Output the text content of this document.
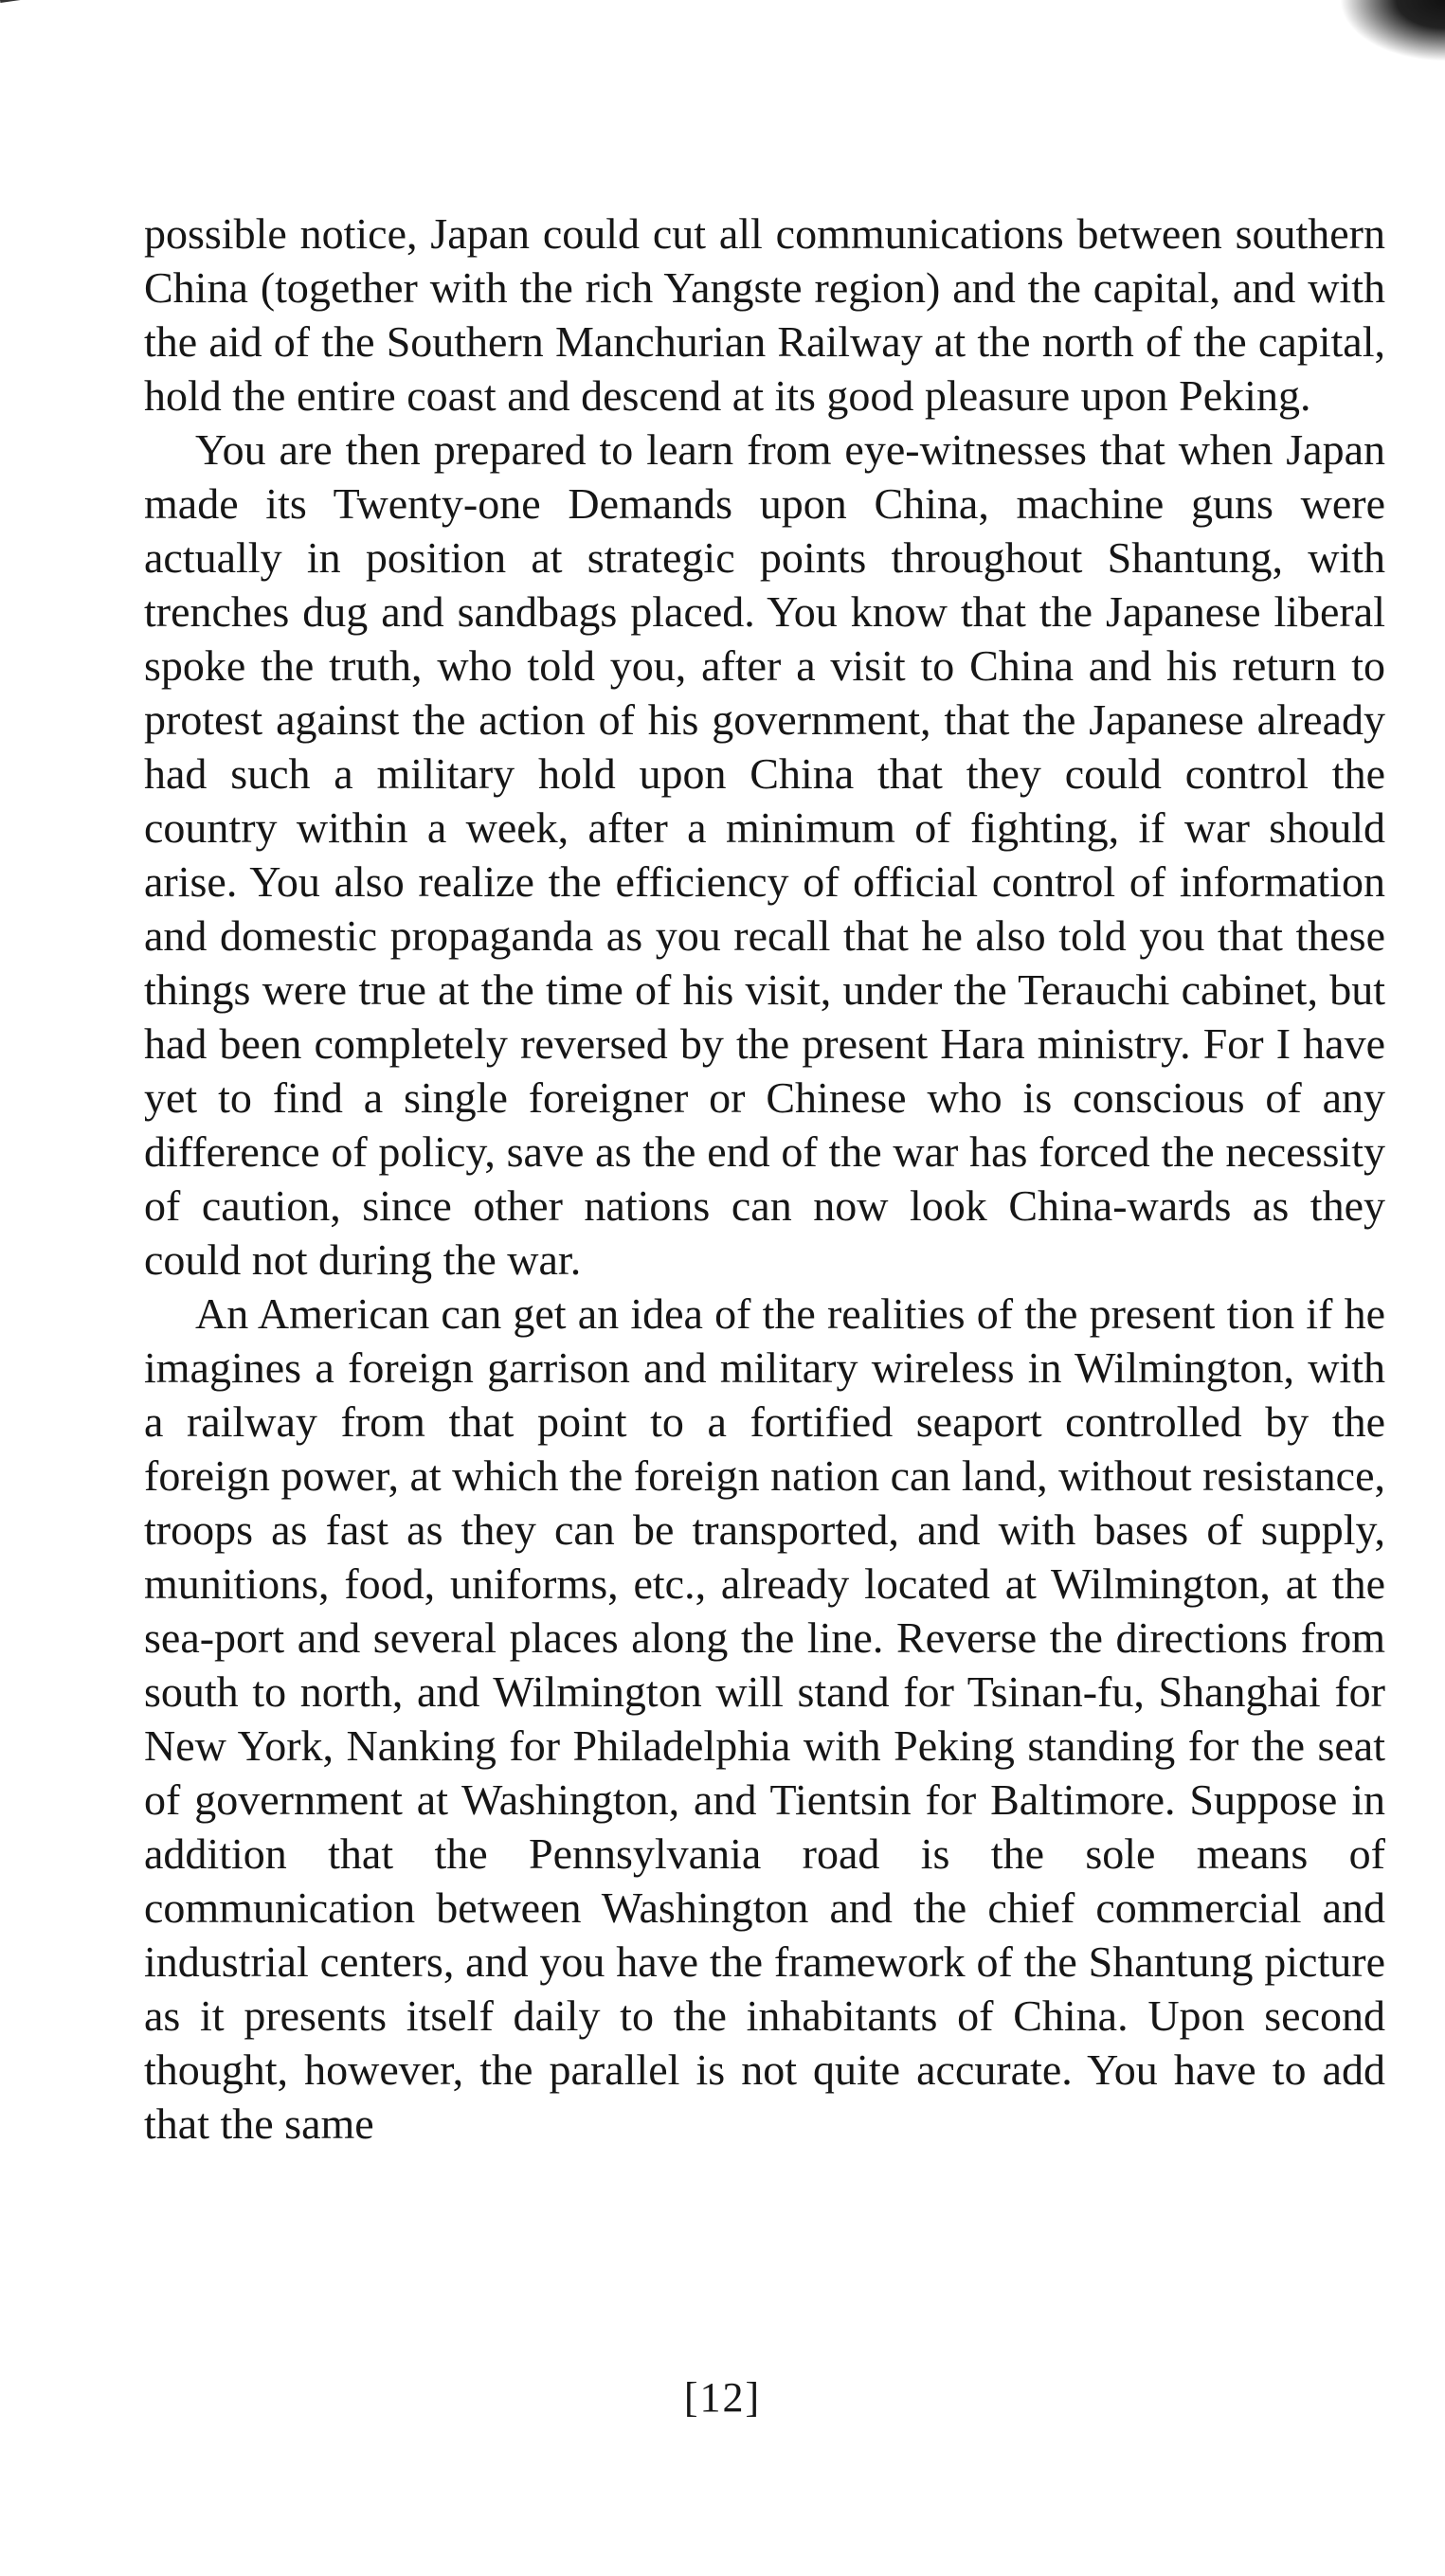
possible notice, Japan could cut all communications between southern China (together with the rich Yangste region) and the capital, and with the aid of the Southern Manchurian Railway at the north of the capital, hold the entire coast and descend at its good pleasure upon Peking.

You are then prepared to learn from eye-witnesses that when Japan made its Twenty-one Demands upon China, machine guns were actually in position at strategic points throughout Shantung, with trenches dug and sandbags placed. You know that the Japanese liberal spoke the truth, who told you, after a visit to China and his return to protest against the action of his government, that the Japanese already had such a military hold upon China that they could control the country within a week, after a minimum of fighting, if war should arise. You also realize the efficiency of official control of information and domestic propaganda as you recall that he also told you that these things were true at the time of his visit, under the Terauchi cabinet, but had been completely reversed by the present Hara ministry. For I have yet to find a single foreigner or Chinese who is conscious of any difference of policy, save as the end of the war has forced the necessity of caution, since other nations can now look China-wards as they could not during the war.

An American can get an idea of the realities of the present tion if he imagines a foreign garrison and military wireless in Wilmington, with a railway from that point to a fortified seaport controlled by the foreign power, at which the foreign nation can land, without resistance, troops as fast as they can be transported, and with bases of supply, munitions, food, uniforms, etc., already located at Wilmington, at the sea-port and several places along the line. Reverse the directions from south to north, and Wilmington will stand for Tsinan-fu, Shanghai for New York, Nanking for Philadelphia with Peking standing for the seat of government at Washington, and Tientsin for Baltimore. Suppose in addition that the Pennsylvania road is the sole means of communication between Washington and the chief commercial and industrial centers, and you have the framework of the Shantung picture as it presents itself daily to the inhabitants of China. Upon second thought, however, the parallel is not quite accurate. You have to add that the same

[12]
